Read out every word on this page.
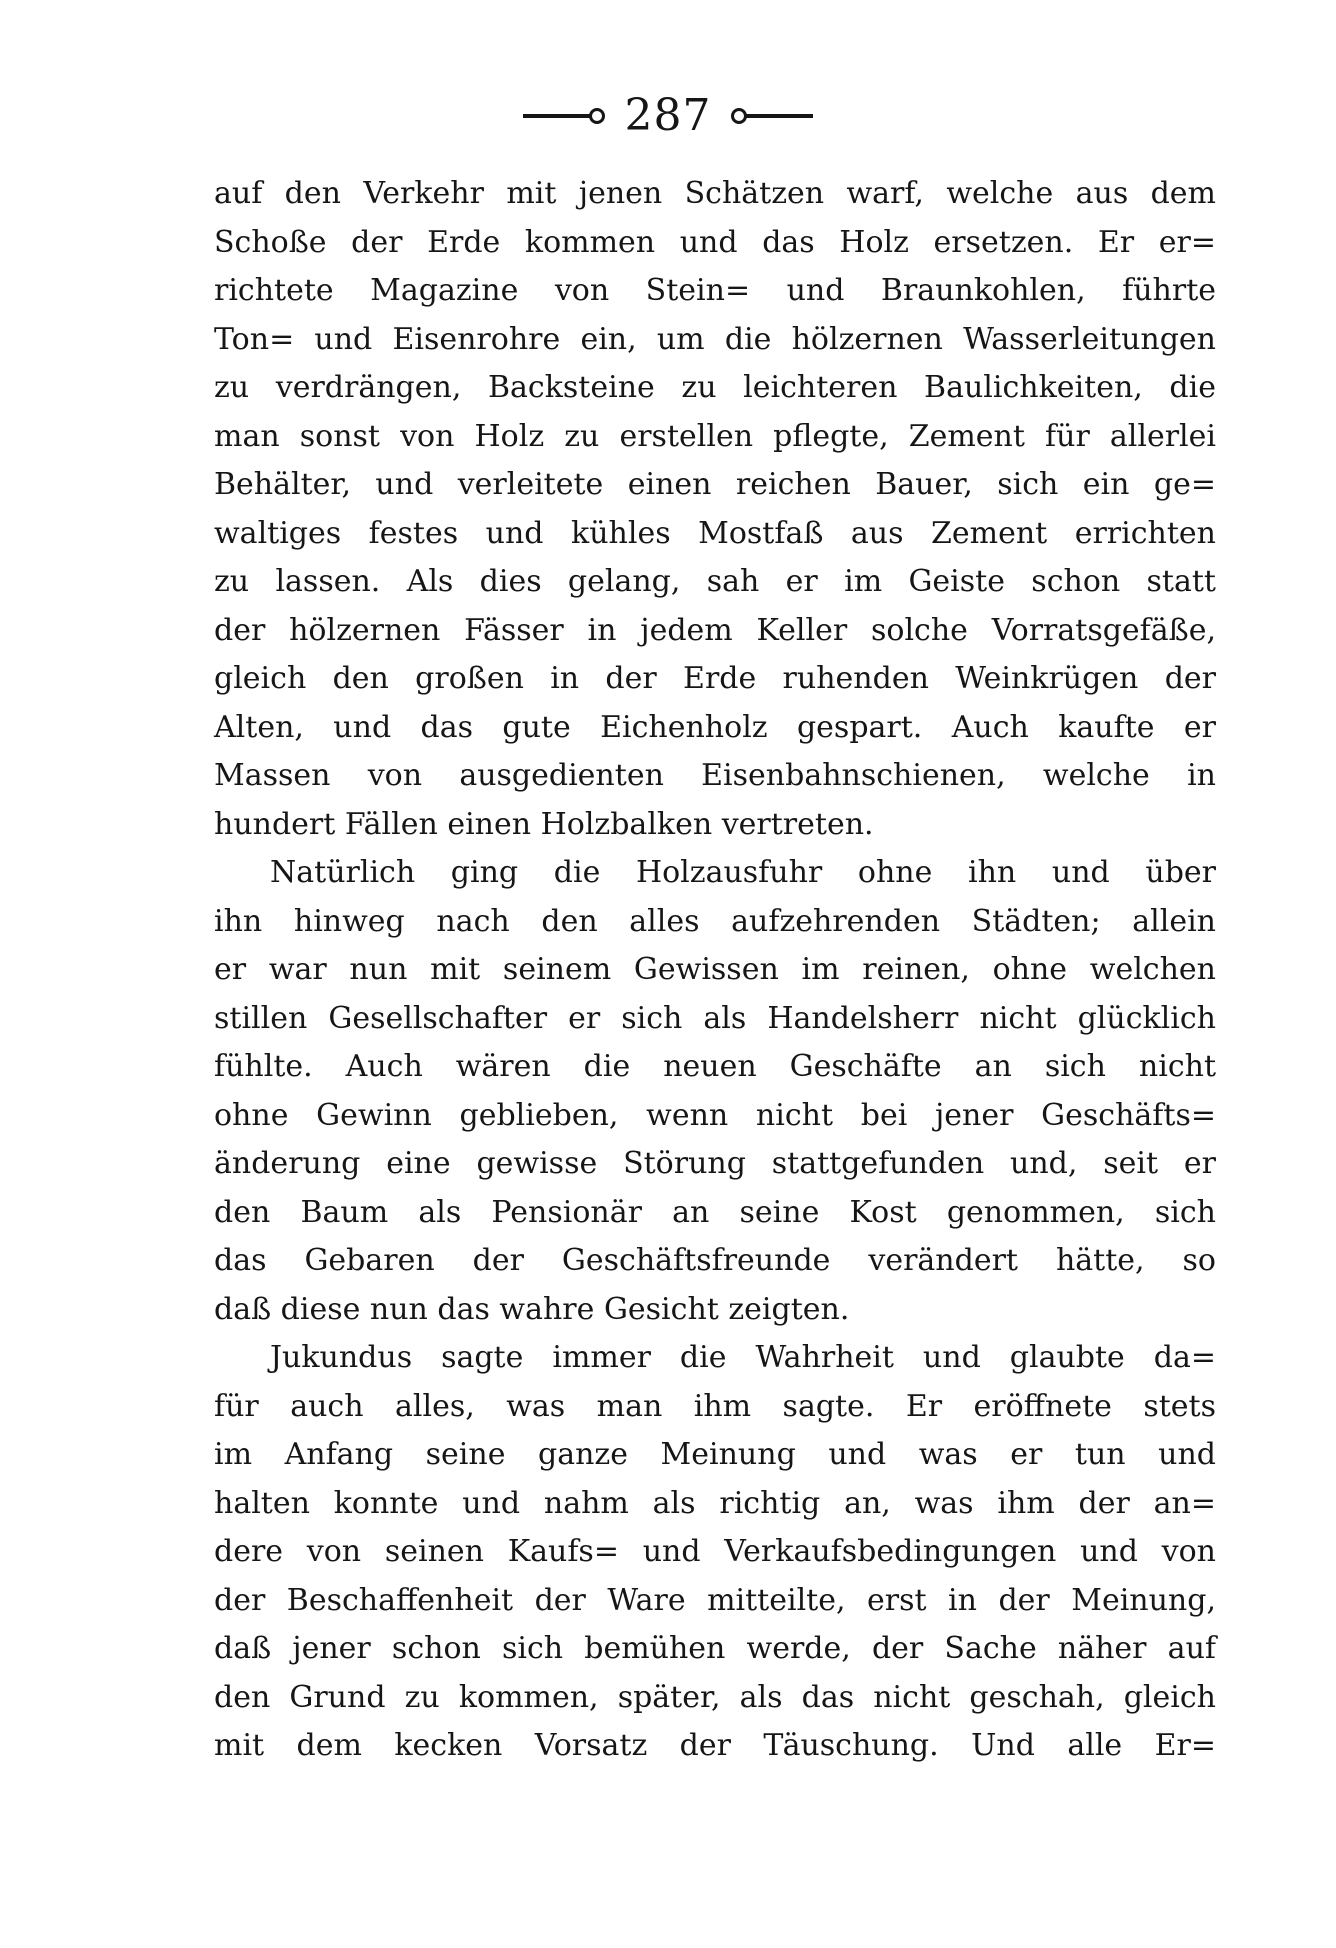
287
auf den Verkehr mit jenen Schätzen warf, welche aus dem
Schoße der Erde kommen und das Holz ersetzen. Er er=
richtete Magazine von Stein= und Braunkohlen, führte
Ton= und Eisenrohre ein, um die hölzernen Wasserleitungen
zu verdrängen, Backsteine zu leichteren Baulichkeiten, die
man sonst von Holz zu erstellen pflegte, Zement für allerlei
Behälter, und verleitete einen reichen Bauer, sich ein ge=
waltiges festes und kühles Mostfaß aus Zement errichten
zu lassen. Als dies gelang, sah er im Geiste schon statt
der hölzernen Fässer in jedem Keller solche Vorratsgefäße,
gleich den großen in der Erde ruhenden Weinkrügen der
Alten, und das gute Eichenholz gespart. Auch kaufte er
Massen von ausgedienten Eisenbahnschienen, welche in
hundert Fällen einen Holzbalken vertreten.
Natürlich ging die Holzausfuhr ohne ihn und über
ihn hinweg nach den alles aufzehrenden Städten; allein
er war nun mit seinem Gewissen im reinen, ohne welchen
stillen Gesellschafter er sich als Handelsherr nicht glücklich
fühlte. Auch wären die neuen Geschäfte an sich nicht
ohne Gewinn geblieben, wenn nicht bei jener Geschäfts=
änderung eine gewisse Störung stattgefunden und, seit er
den Baum als Pensionär an seine Kost genommen, sich
das Gebaren der Geschäftsfreunde verändert hätte, so
daß diese nun das wahre Gesicht zeigten.
Jukundus sagte immer die Wahrheit und glaubte da=
für auch alles, was man ihm sagte. Er eröffnete stets
im Anfang seine ganze Meinung und was er tun und
halten konnte und nahm als richtig an, was ihm der an=
dere von seinen Kaufs= und Verkaufsbedingungen und von
der Beschaffenheit der Ware mitteilte, erst in der Meinung,
daß jener schon sich bemühen werde, der Sache näher auf
den Grund zu kommen, später, als das nicht geschah, gleich
mit dem kecken Vorsatz der Täuschung. Und alle Er=
